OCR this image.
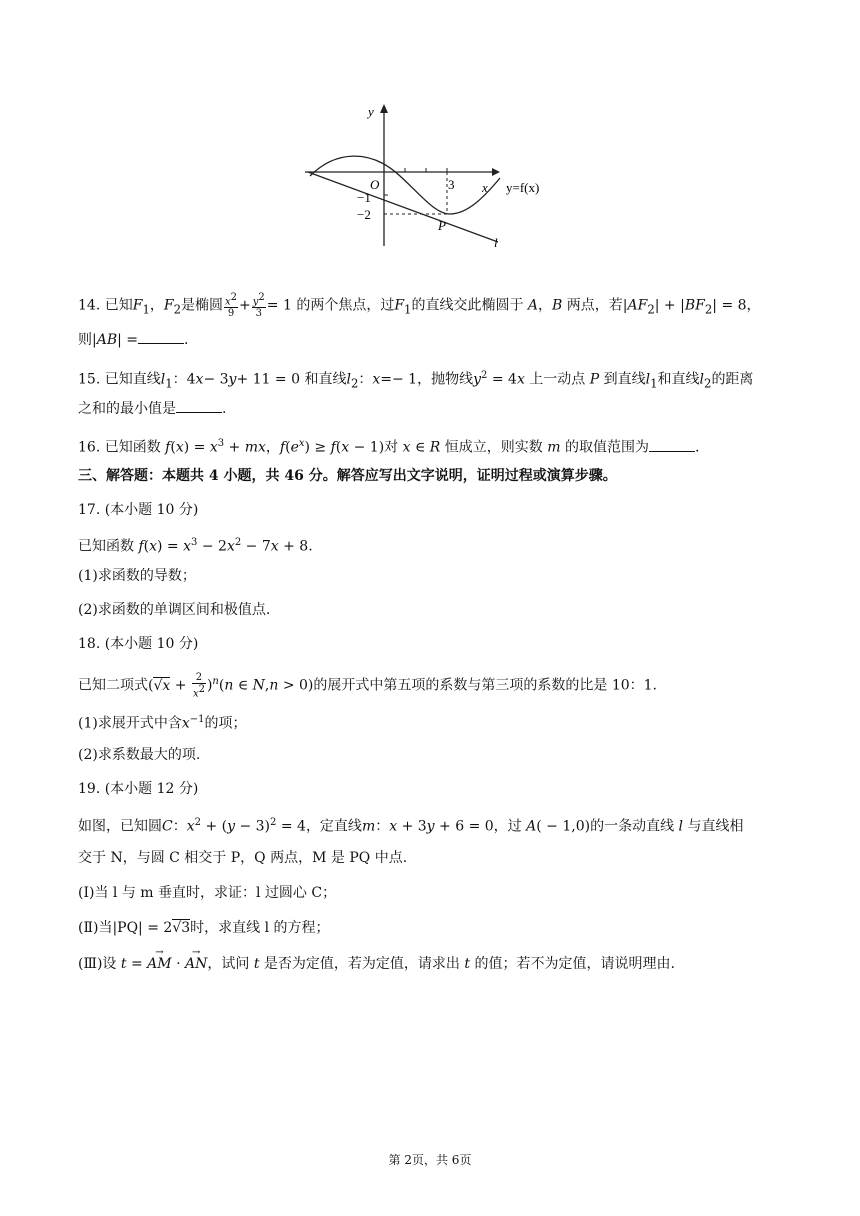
y
x
O	3
−1
−2
P
l
y=f(x)
14. 已知$F_1$，$F_2$是椭圆 $\frac{x2}{9} + \frac{y2}{3} = 1$ 的两个焦点，过$F_1$的直线交此椭圆于 A，B 两点，若$|AF_2| + |BF_2| = 8$，
则|AB| =	.
15. 已知直线$l_1$：4x− 3y+ 11 = 0 和直线$l_2$：x=− 1，抛物线$y^2 = 4x$ 上一动点 P 到直线$l_1$和直线$l_2$的距离
之和的最小值是	.
16. 已知函数 $f(x) = x^3$ + mx，$f(e^x) \ge f(x - 1)$对 x ∈ R 恒成立，则实数 m 的取值范围为	.
三、解答题：本题共 4 小题，共 46 分。解答应写出文字说明，证明过程或演算步骤。
17. (本小题 10 分)
已知函数 $f(x) = x^3 - 2x^2 - 7x + 8$.
(1)求函数的导数；
(2)求函数的单调区间和极值点.
18. (本小题 10 分)
已知二项式$(√x + \frac{2}{x2} )^n(n$ ∈ N,n > 0)的展开式中第五项的系数与第三项的系数的比是 10：1.
(1)求展开式中含$x^{-1}$的项；
(2)求系数最大的项.
19. (本小题 12 分)
如图，已知圆C：$x^2 + (y - 3)^2 = 4$，定直线m：x + 3y + 6 = 0，过 A( − 1,0)的一条动直线 l 与直线相
交于 N，与圆 C 相交于 P，Q 两点，M 是 PQ 中点.
(Ⅰ)当 l 与 m 垂直时，求证：l 过圆心 C；
(Ⅱ)当|PQ| = 2√3时，求直线 l 的方程；
(Ⅲ)设 t = → AM · → AN，试问 t 是否为定值，若为定值，请求出 t 的值；若不为定值，请说明理由.
第 2页，共 6页
